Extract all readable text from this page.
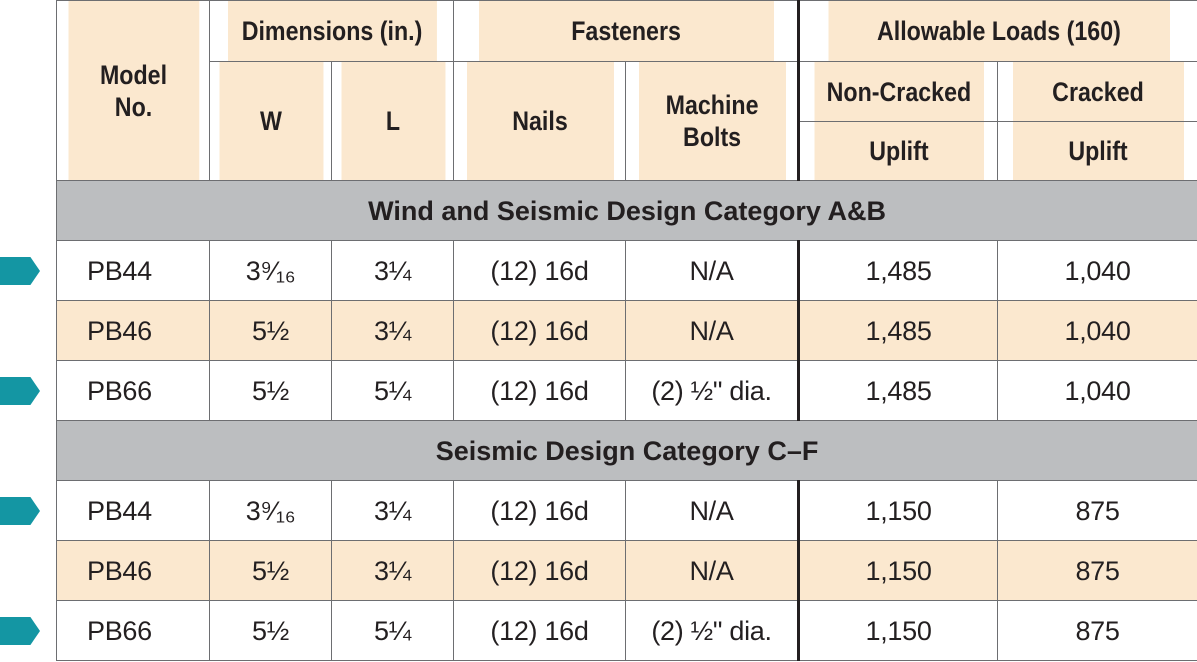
Model No.	Dimensions (in.)		Fasteners		Allowable Loads (160)	
	W	L	Nails	Machine Bolts	Non-Cracked	Cracked
					Uplift	Uplift
Wind and Seismic Design Category A&B						
PB44	3⁹⁄₁₆	3¼	(12) 16d	N/A	1,485	1,040
PB46	5½	3¼	(12) 16d	N/A	1,485	1,040
PB66	5½	5¼	(12) 16d	(2) ½" dia.	1,485	1,040
Seismic Design Category C–F						
PB44	3⁹⁄₁₆	3¼	(12) 16d	N/A	1,150	875
PB46	5½	3¼	(12) 16d	N/A	1,150	875
PB66	5½	5¼	(12) 16d	(2) ½" dia.	1,150	875
